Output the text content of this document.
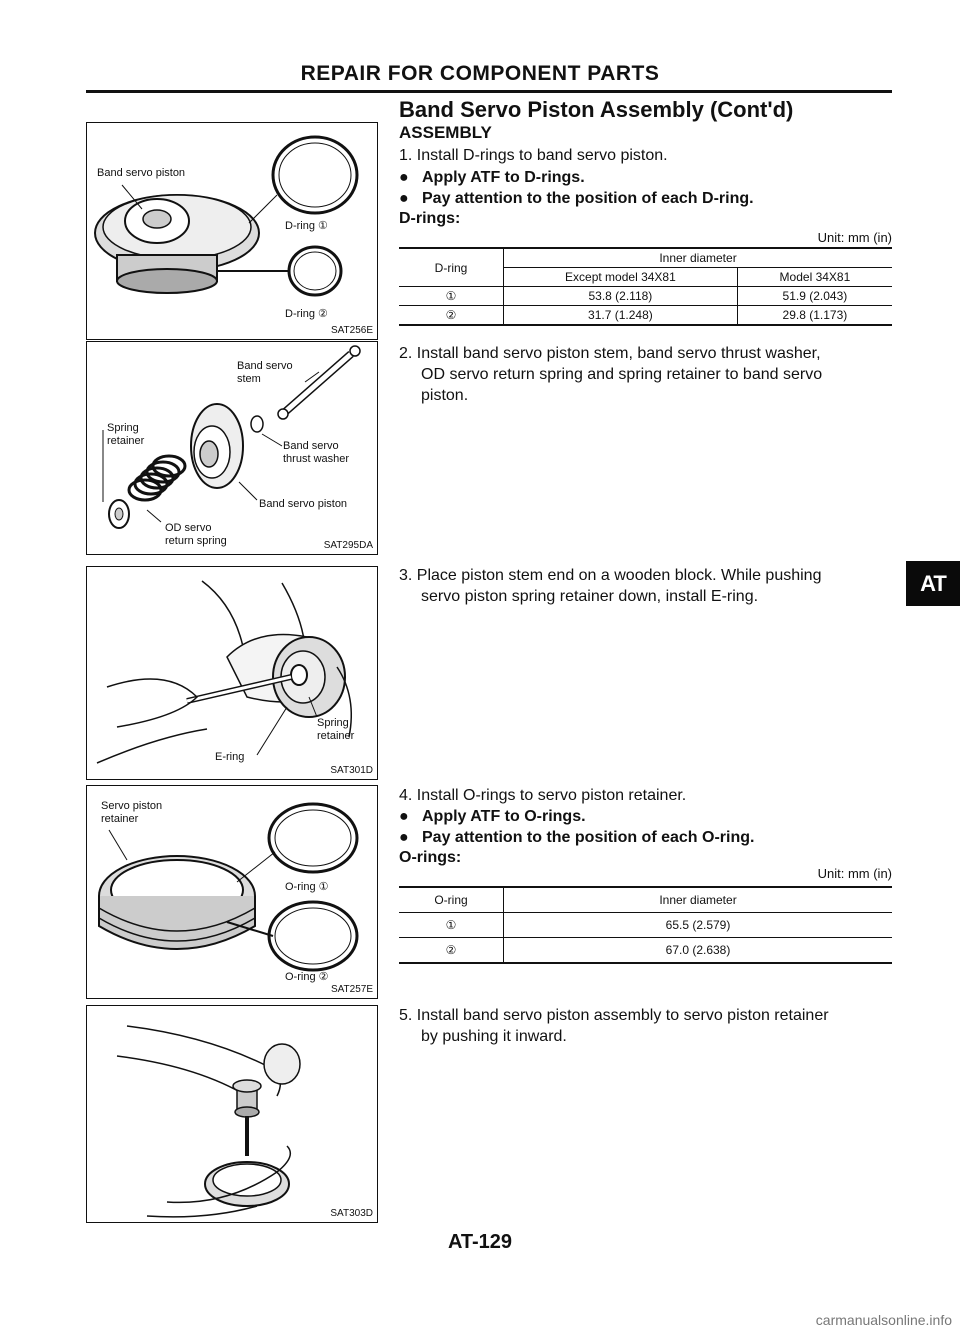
REPAIR FOR COMPONENT PARTS
Band Servo Piston Assembly (Cont'd)
ASSEMBLY
Band servo piston
D-ring ①
D-ring ②
SAT256E
Band servo
stem
Spring
retainer	Band servo
thrust washer
Band servo piston
OD servo
return spring	SAT295DA
Spring
retainer
E-ring
SAT301D
Servo piston
retainer
O-ring ①
O-ring ②
SAT257E
SAT303D
1. Install D-rings to band servo piston.
●   Apply ATF to D-rings.
●   Pay attention to the position of each D-ring.
D-rings:
Unit: mm (in)
D-ring	Inner diameter	
	Except model 34X81	Model 34X81
①	53.8 (2.118)	51.9 (2.043)
②	31.7 (1.248)	29.8 (1.173)
2. Install band servo piston stem, band servo thrust washer,
OD servo return spring and spring retainer to band servo
piston.
3. Place piston stem end on a wooden block. While pushing
servo piston spring retainer down, install E-ring.
AT
4. Install O-rings to servo piston retainer.
●   Apply ATF to O-rings.
●   Pay attention to the position of each O-ring.
O-rings:
Unit: mm (in)
O-ring	Inner diameter
①	65.5 (2.579)
②	67.0 (2.638)
5. Install band servo piston assembly to servo piston retainer
by pushing it inward.
AT-129
carmanualsonline.info
